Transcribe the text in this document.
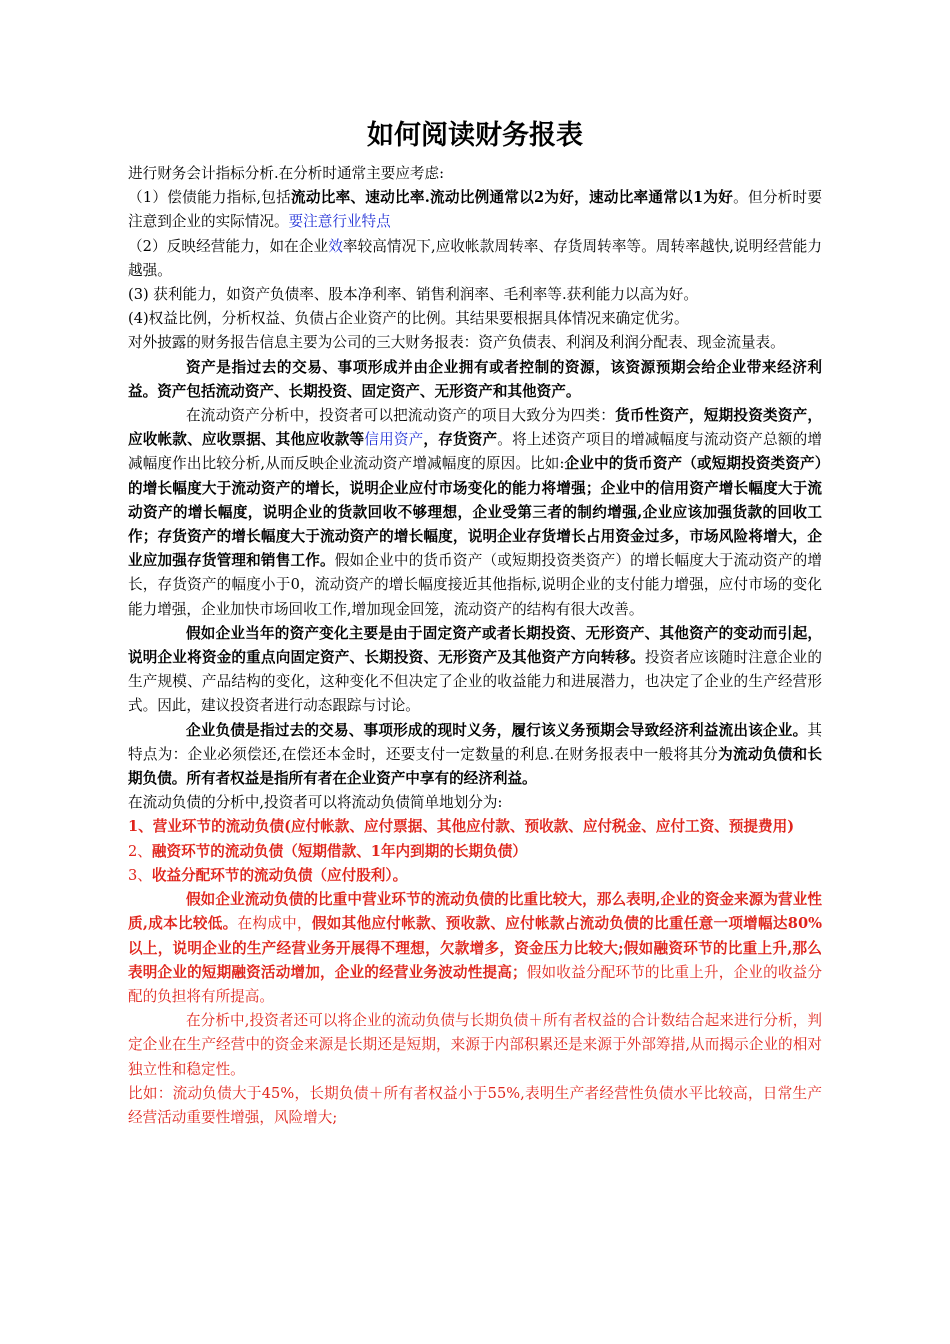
如何阅读财务报表

进行财务会计指标分析.在分析时通常主要应考虑:

（1）偿债能力指标,包括流动比率、速动比率.流动比例通常以2为好，速动比率通常以1为好。但分析时要注意到企业的实际情况。要注意行业特点

（2）反映经营能力，如在企业效率较高情况下,应收帐款周转率、存货周转率等。周转率越快,说明经营能力越强。

(3) 获利能力，如资产负债率、股本净利率、销售利润率、毛利率等.获利能力以高为好。

(4)权益比例，分析权益、负债占企业资产的比例。其结果要根据具体情况来确定优劣。

对外披露的财务报告信息主要为公司的三大财务报表：资产负债表、利润及利润分配表、现金流量表。

资产是指过去的交易、事项形成并由企业拥有或者控制的资源，该资源预期会给企业带来经济利益。资产包括流动资产、长期投资、固定资产、无形资产和其他资产。

在流动资产分析中，投资者可以把流动资产的项目大致分为四类：货币性资产，短期投资类资产，应收帐款、应收票据、其他应收款等信用资产，存货资产。将上述资产项目的增减幅度与流动资产总额的增减幅度作出比较分析,从而反映企业流动资产增减幅度的原因。比如:企业中的货币资产（或短期投资类资产）的增长幅度大于流动资产的增长，说明企业应付市场变化的能力将增强；企业中的信用资产增长幅度大于流动资产的增长幅度，说明企业的货款回收不够理想，企业受第三者的制约增强,企业应该加强货款的回收工作；存货资产的增长幅度大于流动资产的增长幅度，说明企业存货增长占用资金过多，市场风险将增大，企业应加强存货管理和销售工作。假如企业中的货币资产（或短期投资类资产）的增长幅度大于流动资产的增长，存货资产的幅度小于0，流动资产的增长幅度接近其他指标,说明企业的支付能力增强，应付市场的变化能力增强，企业加快市场回收工作,增加现金回笼，流动资产的结构有很大改善。

假如企业当年的资产变化主要是由于固定资产或者长期投资、无形资产、其他资产的变动而引起，说明企业将资金的重点向固定资产、长期投资、无形资产及其他资产方向转移。投资者应该随时注意企业的生产规模、产品结构的变化，这种变化不但决定了企业的收益能力和进展潜力，也决定了企业的生产经营形式。因此，建议投资者进行动态跟踪与讨论。

企业负债是指过去的交易、事项形成的现时义务，履行该义务预期会导致经济利益流出该企业。其特点为：企业必须偿还,在偿还本金时，还要支付一定数量的利息.在财务报表中一般将其分为流动负债和长期负债。所有者权益是指所有者在企业资产中享有的经济利益。

在流动负债的分析中,投资者可以将流动负债简单地划分为:

1、营业环节的流动负债(应付帐款、应付票据、其他应付款、预收款、应付税金、应付工资、预提费用)

2、融资环节的流动负债（短期借款、1年内到期的长期负债）

3、收益分配环节的流动负债（应付股利）。

假如企业流动负债的比重中营业环节的流动负债的比重比较大，那么表明,企业的资金来源为营业性质,成本比较低。在构成中，假如其他应付帐款、预收款、应付帐款占流动负债的比重任意一项增幅达80%以上，说明企业的生产经营业务开展得不理想，欠款增多，资金压力比较大;假如融资环节的比重上升,那么表明企业的短期融资活动增加，企业的经营业务波动性提高；假如收益分配环节的比重上升，企业的收益分配的负担将有所提高。

在分析中,投资者还可以将企业的流动负债与长期负债＋所有者权益的合计数结合起来进行分析，判定企业在生产经营中的资金来源是长期还是短期，来源于内部积累还是来源于外部筹措,从而揭示企业的相对独立性和稳定性。

比如：流动负债大于45%，长期负债＋所有者权益小于55%,表明生产者经营性负债水平比较高，日常生产经营活动重要性增强，风险增大;
